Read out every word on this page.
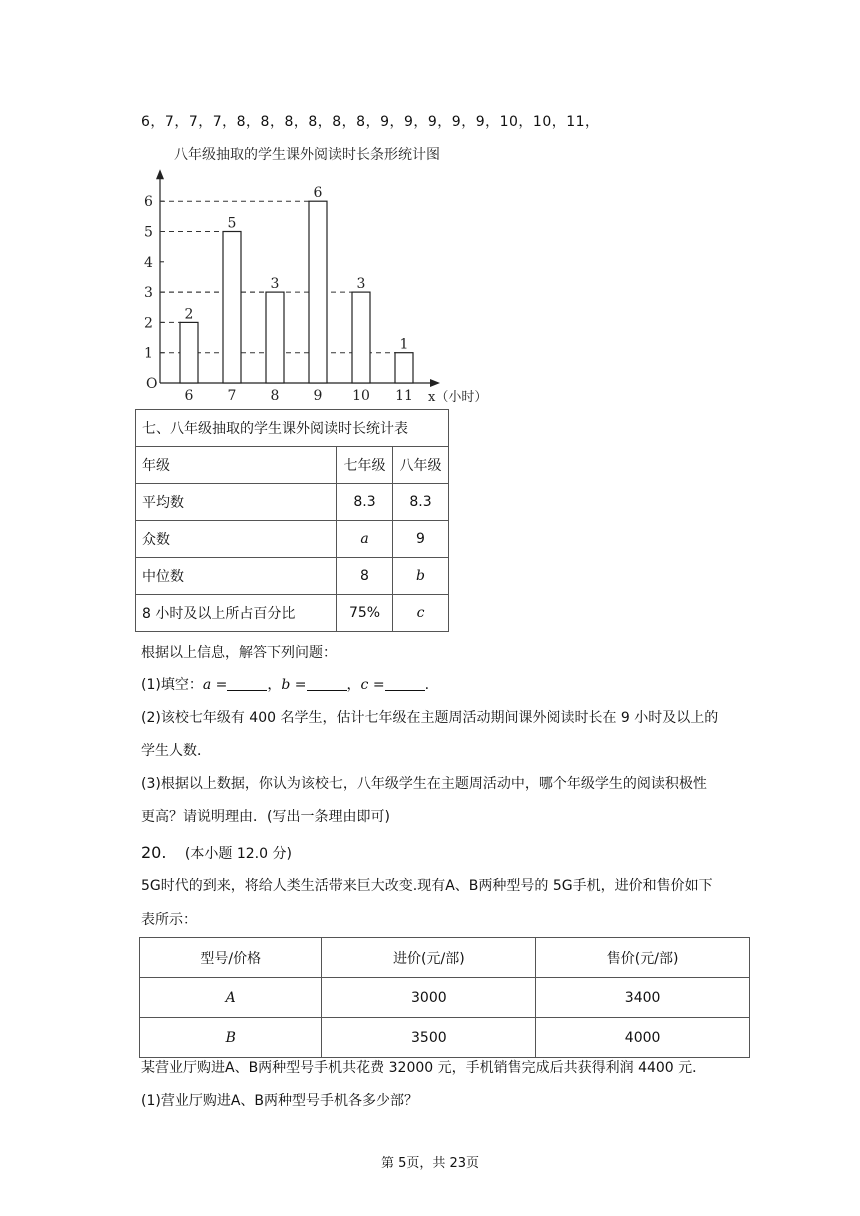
6，7，7，7，8，8，8，8，8，8，9，9，9，9，9，10，10，11，
八年级抽取的学生课外阅读时长条形统计图
O
x（小时）
1
2
3
4
5
6
2
6
5
7
3
8
6
9
3
10
1
11
七、八年级抽取的学生课外阅读时长统计表		
年级	七年级	八年级
平均数	8.3	8.3
众数	a	9
中位数	8	b
8 小时及以上所占百分比	75%	c
根据以上信息，解答下列问题：
(1)填空：a =	，b =	，c =	.
(2)该校七年级有 400 名学生，估计七年级在主题周活动期间课外阅读时长在 9 小时及以上的
学生人数．
(3)根据以上数据，你认为该校七，八年级学生在主题周活动中，哪个年级学生的阅读积极性
更高？请说明理由．(写出一条理由即可)
20. (本小题 12.0 分)
5G时代的到来，将给人类生活带来巨大改变.现有A、B两种型号的 5G手机，进价和售价如下
表所示：
型号/价格	进价(元/部)	售价(元/部)
A	3000	3400
B	3500	4000
某营业厅购进A、B两种型号手机共花费 32000 元，手机销售完成后共获得利润 4400 元．
(1)营业厅购进A、B两种型号手机各多少部？
第 5页，共 23页
